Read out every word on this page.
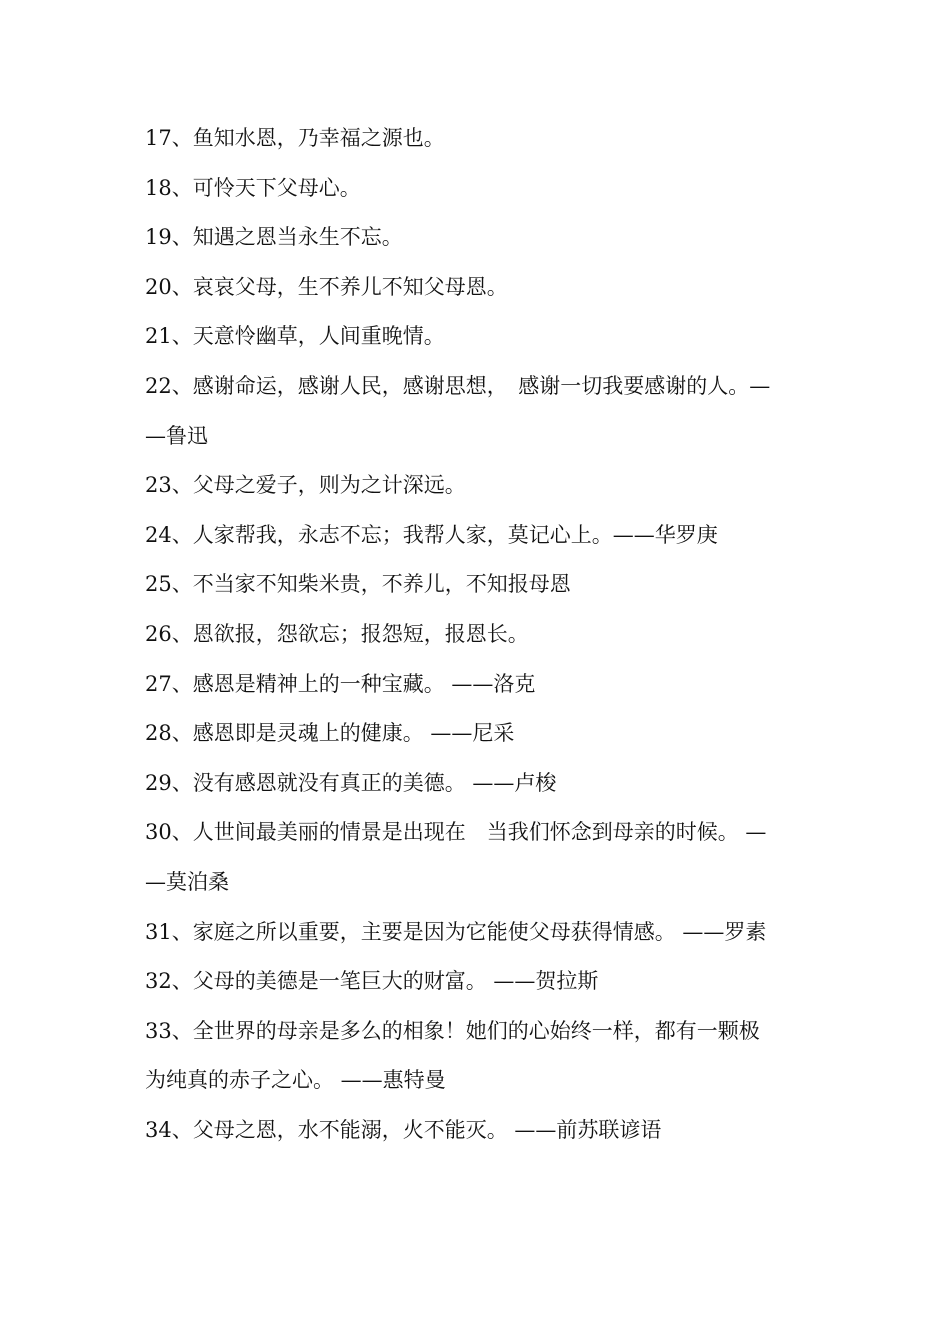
17、鱼知水恩，乃幸福之源也。
18、可怜天下父母心。
19、知遇之恩当永生不忘。
20、哀哀父母，生不养儿不知父母恩。
21、天意怜幽草，人间重晚情。
22、感谢命运，感谢人民，感谢思想，　感谢一切我要感谢的人。—
—鲁迅
23、父母之爱子，则为之计深远。
24、人家帮我，永志不忘；我帮人家，莫记心上。——华罗庚
25、不当家不知柴米贵，不养儿，不知报母恩
26、恩欲报，怨欲忘；报怨短，报恩长。
27、感恩是精神上的一种宝藏。 ——洛克
28、感恩即是灵魂上的健康。 ——尼采
29、没有感恩就没有真正的美德。 ——卢梭
30、人世间最美丽的情景是出现在　当我们怀念到母亲的时候。 —
—莫泊桑
31、家庭之所以重要，主要是因为它能使父母获得情感。 ——罗素
32、父母的美德是一笔巨大的财富。 ——贺拉斯
33、全世界的母亲是多么的相象！她们的心始终一样，都有一颗极
为纯真的赤子之心。 ——惠特曼
34、父母之恩，水不能溺，火不能灭。 ——前苏联谚语
